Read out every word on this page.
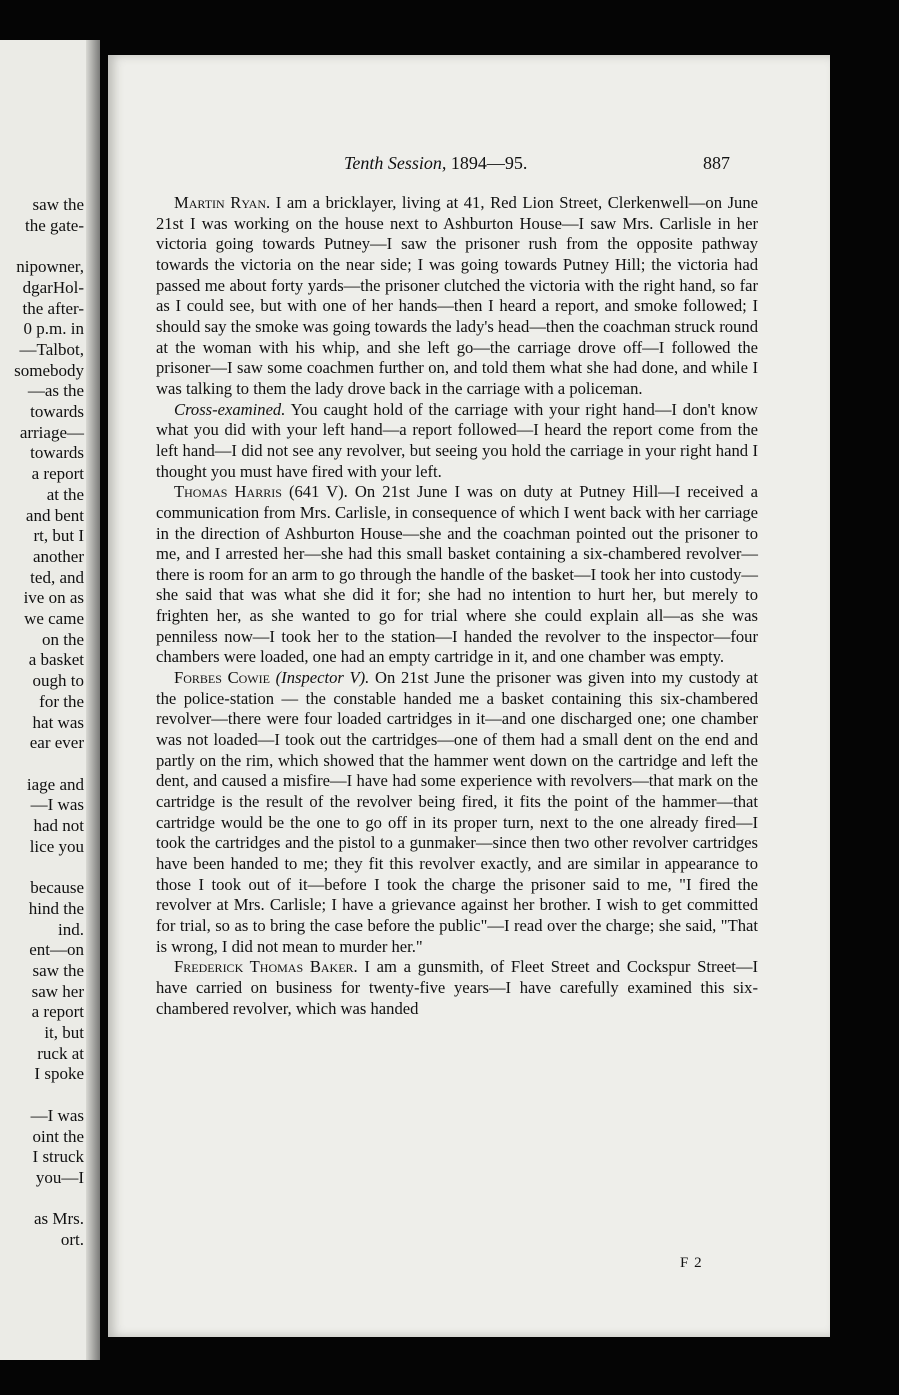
saw the
the gate-
nipowner,
dgarHol-
the after-
0 p.m. in
—Talbot,
somebody
—as the
towards
arriage—
towards
a report
at the
and bent
rt, but I
another
ted, and
ive on as
we came
on the
a basket
ough to
for the
hat was
ear ever
iage and
—I was
had not
lice you
because
hind the
ind.
ent—on
saw the
saw her
a report
it, but
ruck at
I spoke
—I was
oint the
I struck
you—I
as Mrs.
ort.
Tenth Session, 1894—95.	887

Martin Ryan. I am a bricklayer, living at 41, Red Lion Street, Clerkenwell—on June 21st I was working on the house next to Ashburton House—I saw Mrs. Carlisle in her victoria going towards Putney—I saw the prisoner rush from the opposite pathway towards the victoria on the near side; I was going towards Putney Hill; the victoria had passed me about forty yards—the prisoner clutched the victoria with the right hand, so far as I could see, but with one of her hands—then I heard a report, and smoke followed; I should say the smoke was going towards the lady's head—then the coachman struck round at the woman with his whip, and she left go—the carriage drove off—I followed the prisoner—I saw some coachmen further on, and told them what she had done, and while I was talking to them the lady drove back in the carriage with a policeman.

Cross-examined. You caught hold of the carriage with your right hand—I don't know what you did with your left hand—a report followed—I heard the report come from the left hand—I did not see any revolver, but seeing you hold the carriage in your right hand I thought you must have fired with your left.

Thomas Harris (641 V). On 21st June I was on duty at Putney Hill—I received a communication from Mrs. Carlisle, in consequence of which I went back with her carriage in the direction of Ashburton House—she and the coachman pointed out the prisoner to me, and I arrested her—she had this small basket containing a six-chambered revolver—there is room for an arm to go through the handle of the basket—I took her into custody—she said that was what she did it for; she had no intention to hurt her, but merely to frighten her, as she wanted to go for trial where she could explain all—as she was penniless now—I took her to the station—I handed the revolver to the inspector—four chambers were loaded, one had an empty cartridge in it, and one chamber was empty.

Forbes Cowie (Inspector V). On 21st June the prisoner was given into my custody at the police-station — the constable handed me a basket containing this six-chambered revolver—there were four loaded cartridges in it—and one discharged one; one chamber was not loaded—I took out the cartridges—one of them had a small dent on the end and partly on the rim, which showed that the hammer went down on the cartridge and left the dent, and caused a misfire—I have had some experience with revolvers—that mark on the cartridge is the result of the revolver being fired, it fits the point of the hammer—that cartridge would be the one to go off in its proper turn, next to the one already fired—I took the cartridges and the pistol to a gunmaker—since then two other revolver cartridges have been handed to me; they fit this revolver exactly, and are similar in appearance to those I took out of it—before I took the charge the prisoner said to me, "I fired the revolver at Mrs. Carlisle; I have a grievance against her brother. I wish to get committed for trial, so as to bring the case before the public"—I read over the charge; she said, "That is wrong, I did not mean to murder her."

Frederick Thomas Baker. I am a gunsmith, of Fleet Street and Cockspur Street—I have carried on business for twenty-five years—I have carefully examined this six-chambered revolver, which was handed

F 2
